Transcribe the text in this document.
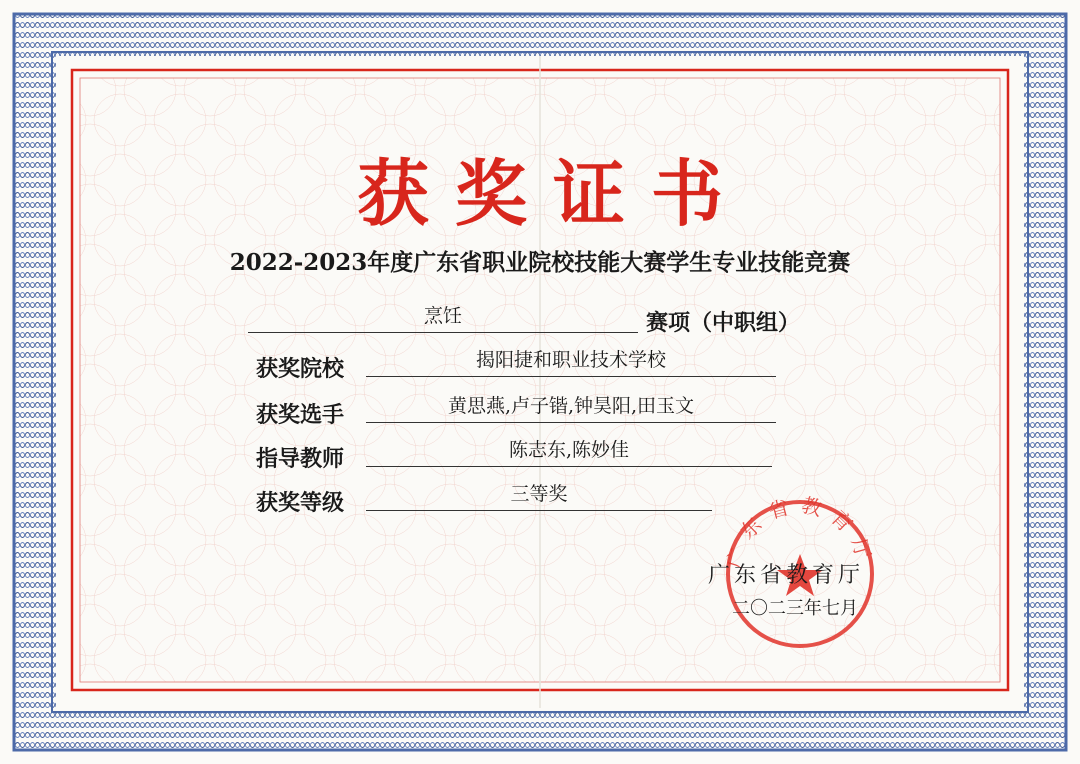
获奖证书
2022-2023年度广东省职业院校技能大赛学生专业技能竞赛
烹饪	赛项（中职组）
获奖院校	揭阳捷和职业技术学校
获奖选手	黄思燕,卢子锴,钟昊阳,田玉文
指导教师	陈志东,陈妙佳
获奖等级	三等奖
广东省教育厅
广东省教育厅
二〇二三年七月
